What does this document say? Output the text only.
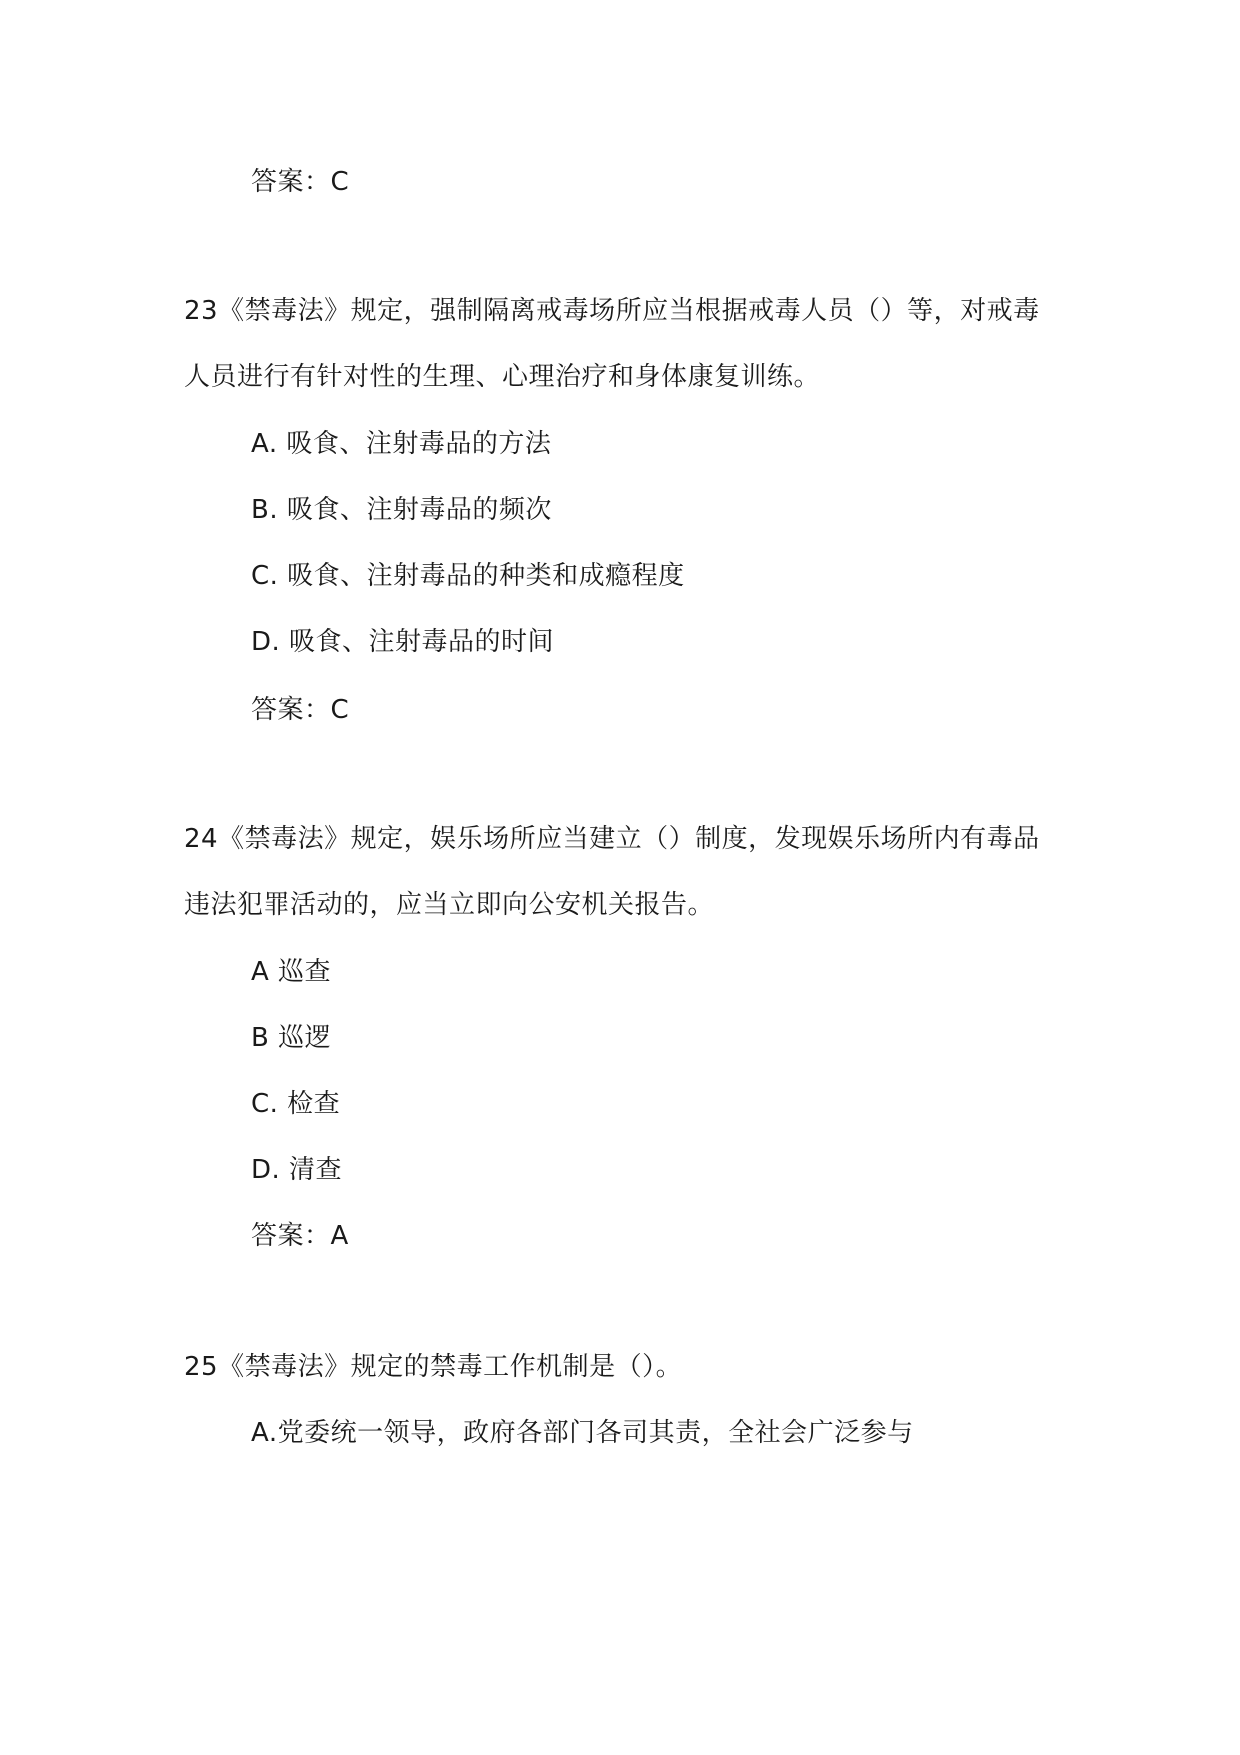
答案：C
23《禁毒法》规定，强制隔离戒毒场所应当根据戒毒人员（）等，对戒毒
人员进行有针对性的生理、心理治疗和身体康复训练。
A. 吸食、注射毒品的方法
B. 吸食、注射毒品的频次
C. 吸食、注射毒品的种类和成瘾程度
D. 吸食、注射毒品的时间
答案：C
24《禁毒法》规定，娱乐场所应当建立（）制度，发现娱乐场所内有毒品
违法犯罪活动的，应当立即向公安机关报告。
A 巡查
B 巡逻
C. 检查
D. 清查
答案：A
25《禁毒法》规定的禁毒工作机制是（）。
A.党委统一领导，政府各部门各司其责，全社会广泛参与
